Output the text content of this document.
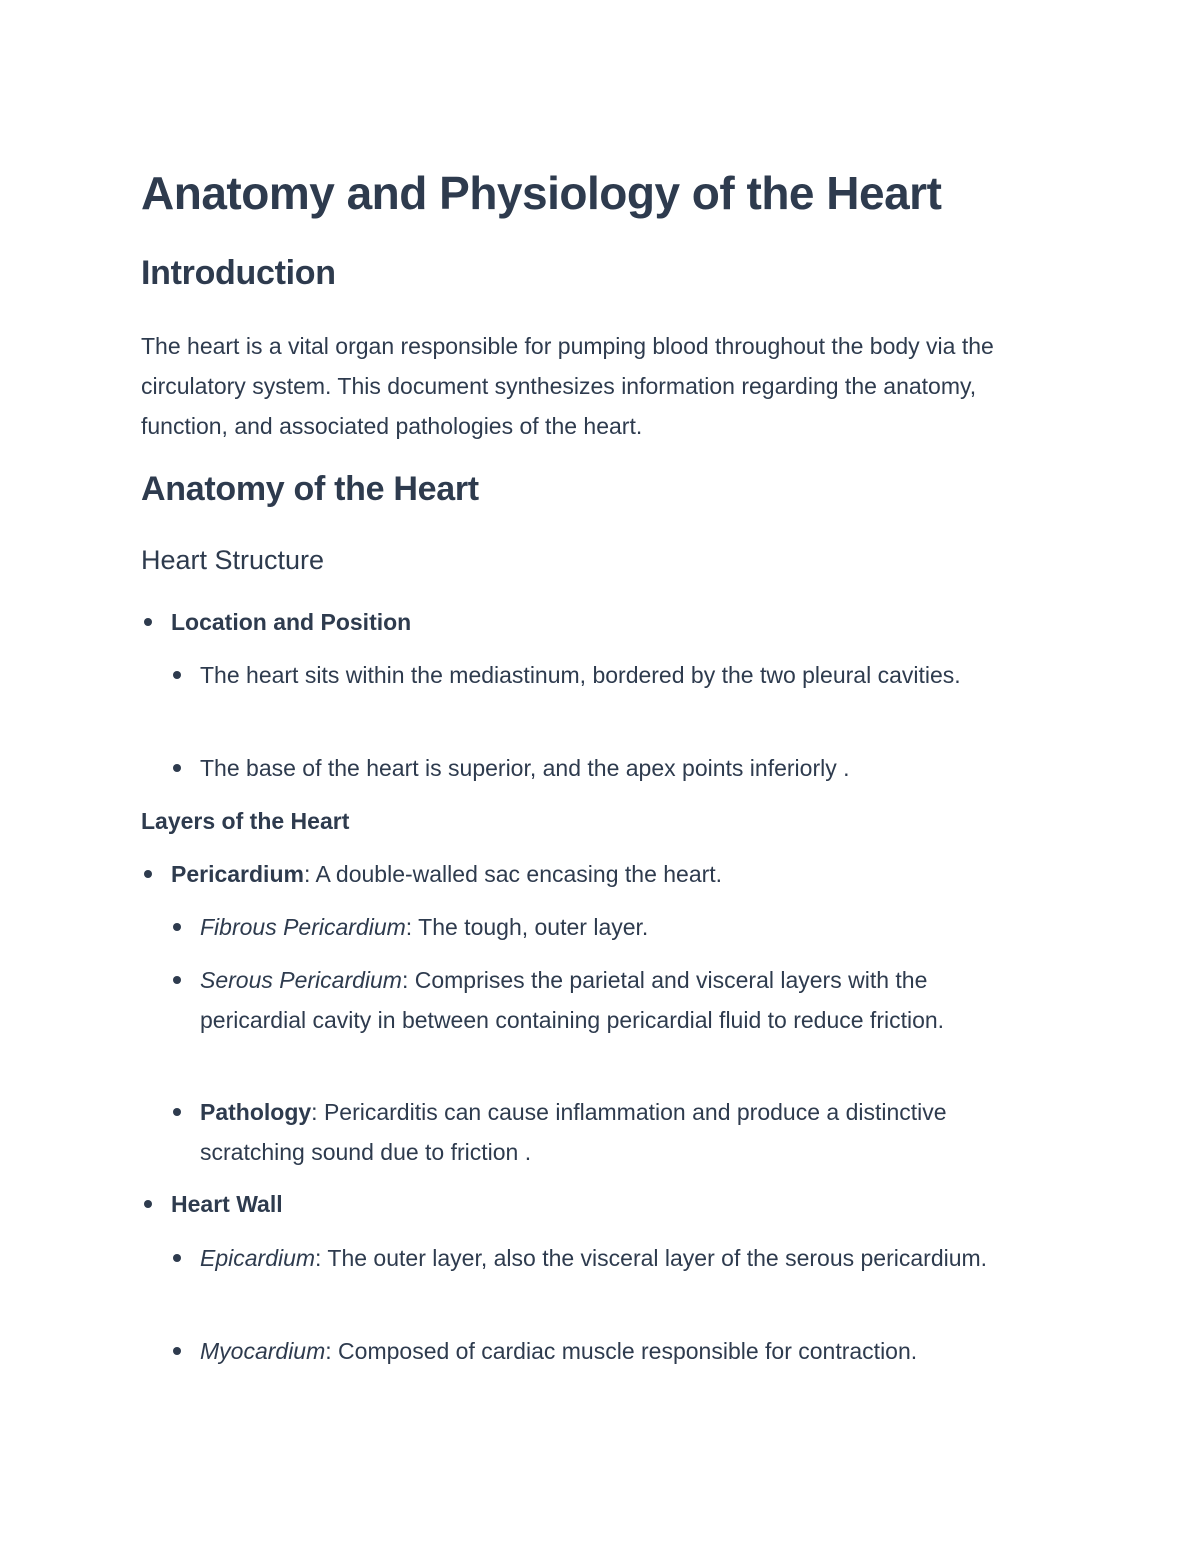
Anatomy and Physiology of the Heart
Introduction

The heart is a vital organ responsible for pumping blood throughout the body via the circulatory system. This document synthesizes information regarding the anatomy, function, and associated pathologies of the heart.

Anatomy of the Heart
Heart Structure
Location and Position
The heart sits within the mediastinum, bordered by the two pleural cavities.
The base of the heart is superior, and the apex points inferiorly .
Layers of the Heart
Pericardium: A double-walled sac encasing the heart.
Fibrous Pericardium: The tough, outer layer.
Serous Pericardium: Comprises the parietal and visceral layers with the pericardial cavity in between containing pericardial fluid to reduce friction.
Pathology: Pericarditis can cause inflammation and produce a distinctive scratching sound due to friction .
Heart Wall
Epicardium: The outer layer, also the visceral layer of the serous pericardium.
Myocardium: Composed of cardiac muscle responsible for contraction.
